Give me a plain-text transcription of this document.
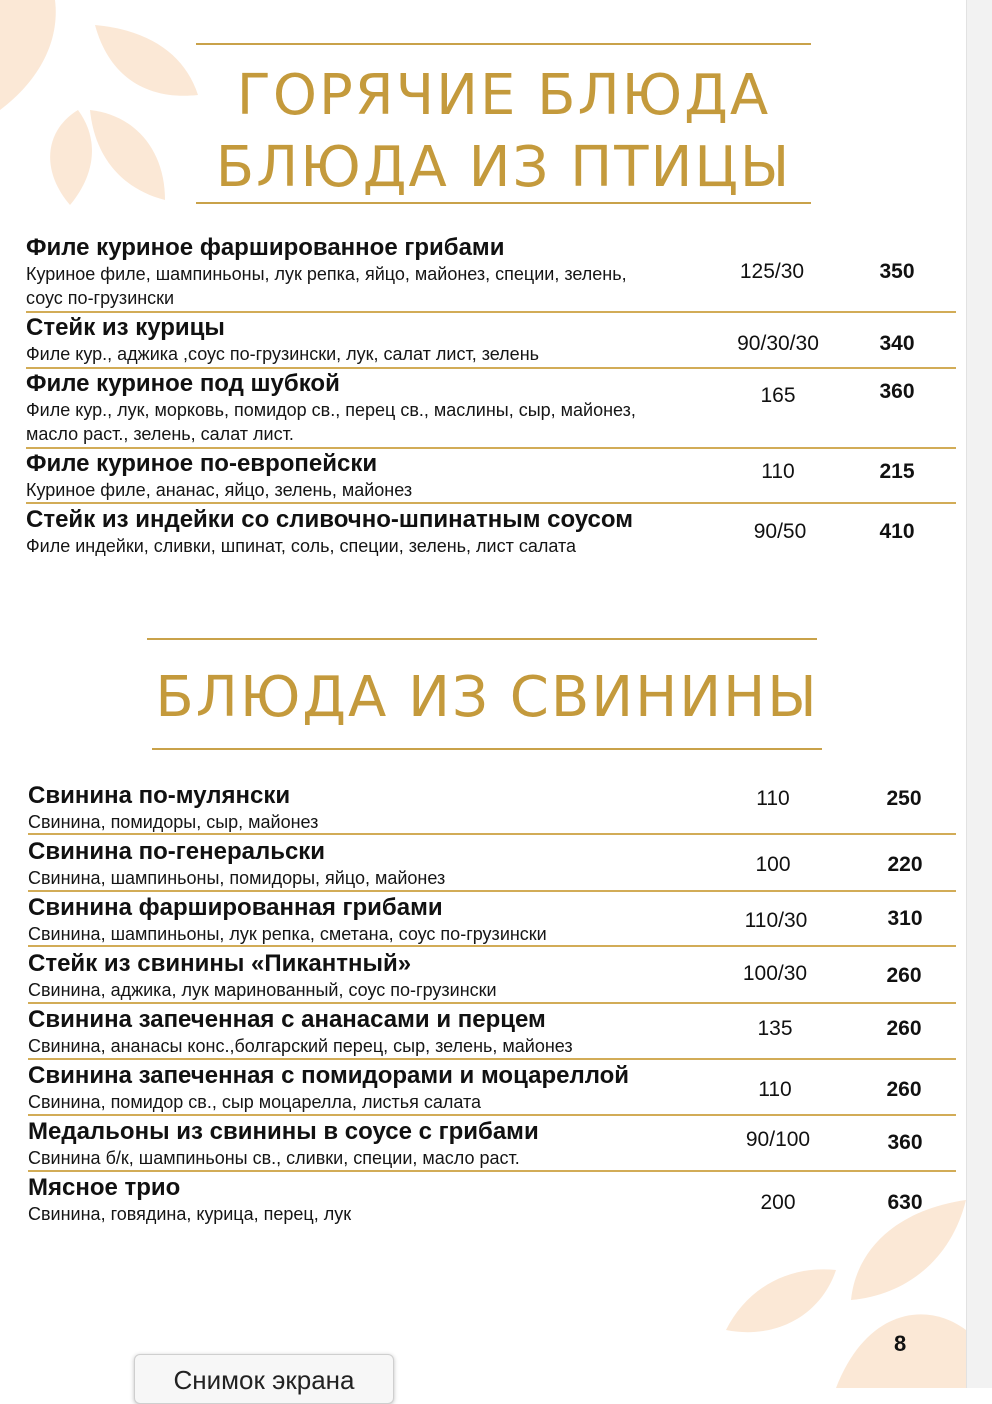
ГОРЯЧИЕ БЛЮДА
БЛЮДА ИЗ ПТИЦЫ
Филе куриное фаршированное грибами
Куриное филе, шампиньоны, лук репка, яйцо, майонез, специи, зелень, соус по-грузински
125/30	350
Стейк из курицы
Филе кур., аджика ,соус по-грузински, лук, салат лист, зелень	90/30/30	340
Филе куриное под шубкой
Филе кур., лук, морковь, помидор св., перец св., маслины, сыр, майонез, масло раст., зелень, салат лист.
165	360
Филе куриное по-европейски
Куриное филе, ананас, яйцо, зелень, майонез
110	215
Стейк из индейки со сливочно-шпинатным соусом
Филе индейки, сливки, шпинат, соль, специи, зелень, лист салата
90/50	410
БЛЮДА ИЗ СВИНИНЫ
Свинина по-мулянски
Свинина, помидоры, сыр, майонез
110	250
Свинина по-генеральски
Свинина, шампиньоны, помидоры, яйцо, майонез
100	220
Свинина фаршированная грибами
Свинина, шампиньоны, лук репка, сметана, соус по-грузински
110/30	310
Стейк из свинины «Пикантный»
Свинина, аджика, лук маринованный, соус по-грузински
100/30	260
Свинина запеченная с ананасами и перцем
Свинина, ананасы конс.,болгарский перец, сыр, зелень, майонез
135	260
Свинина запеченная с помидорами и моцареллой
Свинина, помидор св., сыр моцарелла, листья салата
110	260
Медальоны из свинины в соусе с грибами
Свинина б/к, шампиньоны св., сливки, специи, масло раст.
90/100	360
Мясное трио
Свинина, говядина, курица, перец, лук	200	630
8
Снимок экрана
